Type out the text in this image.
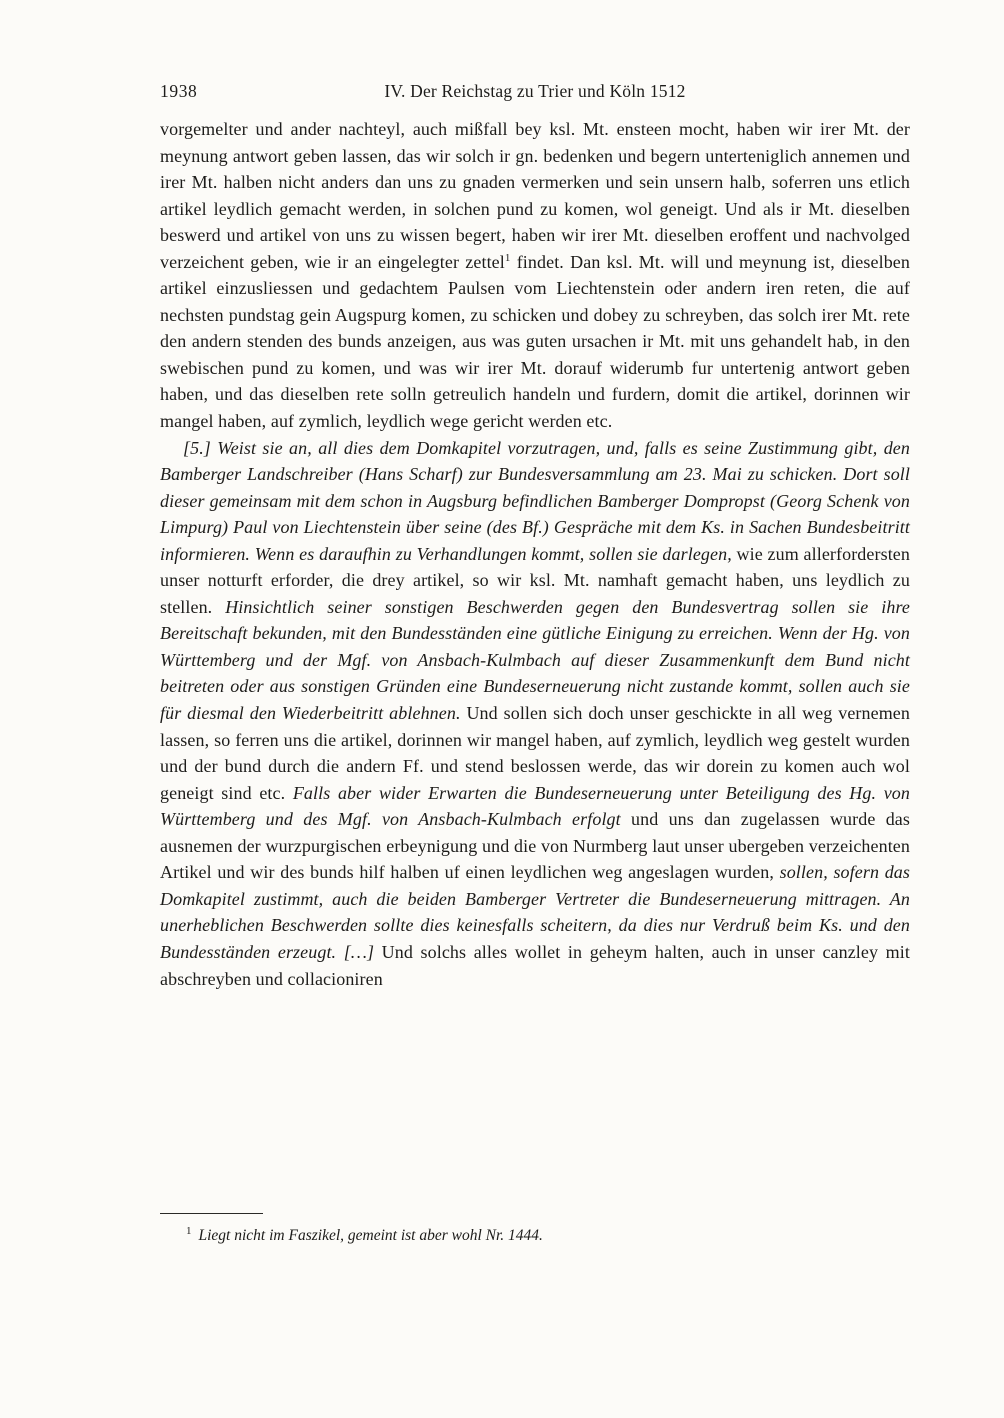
1938	IV. Der Reichstag zu Trier und Köln 1512

vorgemelter und ander nachteyl, auch mißfall bey ksl. Mt. ensteen mocht, haben wir irer Mt. der meynung antwort geben lassen, das wir solch ir gn. bedenken und begern unterteniglich annemen und irer Mt. halben nicht anders dan uns zu gnaden vermerken und sein unsern halb, soferren uns etlich artikel leydlich gemacht werden, in solchen pund zu komen, wol geneigt. Und als ir Mt. dieselben beswerd und artikel von uns zu wissen begert, haben wir irer Mt. dieselben eroffent und nachvolged verzeichent geben, wie ir an eingelegter zettel$^1$ findet. Dan ksl. Mt. will und meynung ist, dieselben artikel einzusliessen und gedachtem Paulsen vom Liechtenstein oder andern iren reten, die auf nechsten pundstag gein Augspurg komen, zu schicken und dobey zu schreyben, das solch irer Mt. rete den andern stenden des bunds anzeigen, aus was guten ursachen ir Mt. mit uns gehandelt hab, in den swebischen pund zu komen, und was wir irer Mt. dorauf widerumb fur untertenig antwort geben haben, und das dieselben rete solln getreulich handeln und furdern, domit die artikel, dorinnen wir mangel haben, auf zymlich, leydlich wege gericht werden etc.

[5.] Weist sie an, all dies dem Domkapitel vorzutragen, und, falls es seine Zustimmung gibt, den Bamberger Landschreiber (Hans Scharf) zur Bundesversammlung am 23. Mai zu schicken. Dort soll dieser gemeinsam mit dem schon in Augsburg befindlichen Bamberger Dompropst (Georg Schenk von Limpurg) Paul von Liechtenstein über seine (des Bf.) Gespräche mit dem Ks. in Sachen Bundesbeitritt informieren. Wenn es daraufhin zu Verhandlungen kommt, sollen sie darlegen, wie zum allerfordersten unser notturft erforder, die drey artikel, so wir ksl. Mt. namhaft gemacht haben, uns leydlich zu stellen. Hinsichtlich seiner sonstigen Beschwerden gegen den Bundesvertrag sollen sie ihre Bereitschaft bekunden, mit den Bundesständen eine gütliche Einigung zu erreichen. Wenn der Hg. von Württemberg und der Mgf. von Ansbach-Kulmbach auf dieser Zusammenkunft dem Bund nicht beitreten oder aus sonstigen Gründen eine Bundeserneuerung nicht zustande kommt, sollen auch sie für diesmal den Wiederbeitritt ablehnen. Und sollen sich doch unser geschickte in all weg vernemen lassen, so ferren uns die artikel, dorinnen wir mangel haben, auf zymlich, leydlich weg gestelt wurden und der bund durch die andern Ff. und stend beslossen werde, das wir dorein zu komen auch wol geneigt sind etc. Falls aber wider Erwarten die Bundeserneuerung unter Beteiligung des Hg. von Württemberg und des Mgf. von Ansbach-Kulmbach erfolgt und uns dan zugelassen wurde das ausnemen der wurzpurgischen erbeynigung und die von Nurmberg laut unser ubergeben verzeichenten Artikel und wir des bunds hilf halben uf einen leydlichen weg angeslagen wurden, sollen, sofern das Domkapitel zustimmt, auch die beiden Bamberger Vertreter die Bundeserneuerung mittragen. An unerheblichen Beschwerden sollte dies keinesfalls scheitern, da dies nur Verdruß beim Ks. und den Bundesständen erzeugt. […] Und solchs alles wollet in geheym halten, auch in unser canzley mit abschreyben und collacioniren

$^1$ Liegt nicht im Faszikel, gemeint ist aber wohl Nr. 1444.
